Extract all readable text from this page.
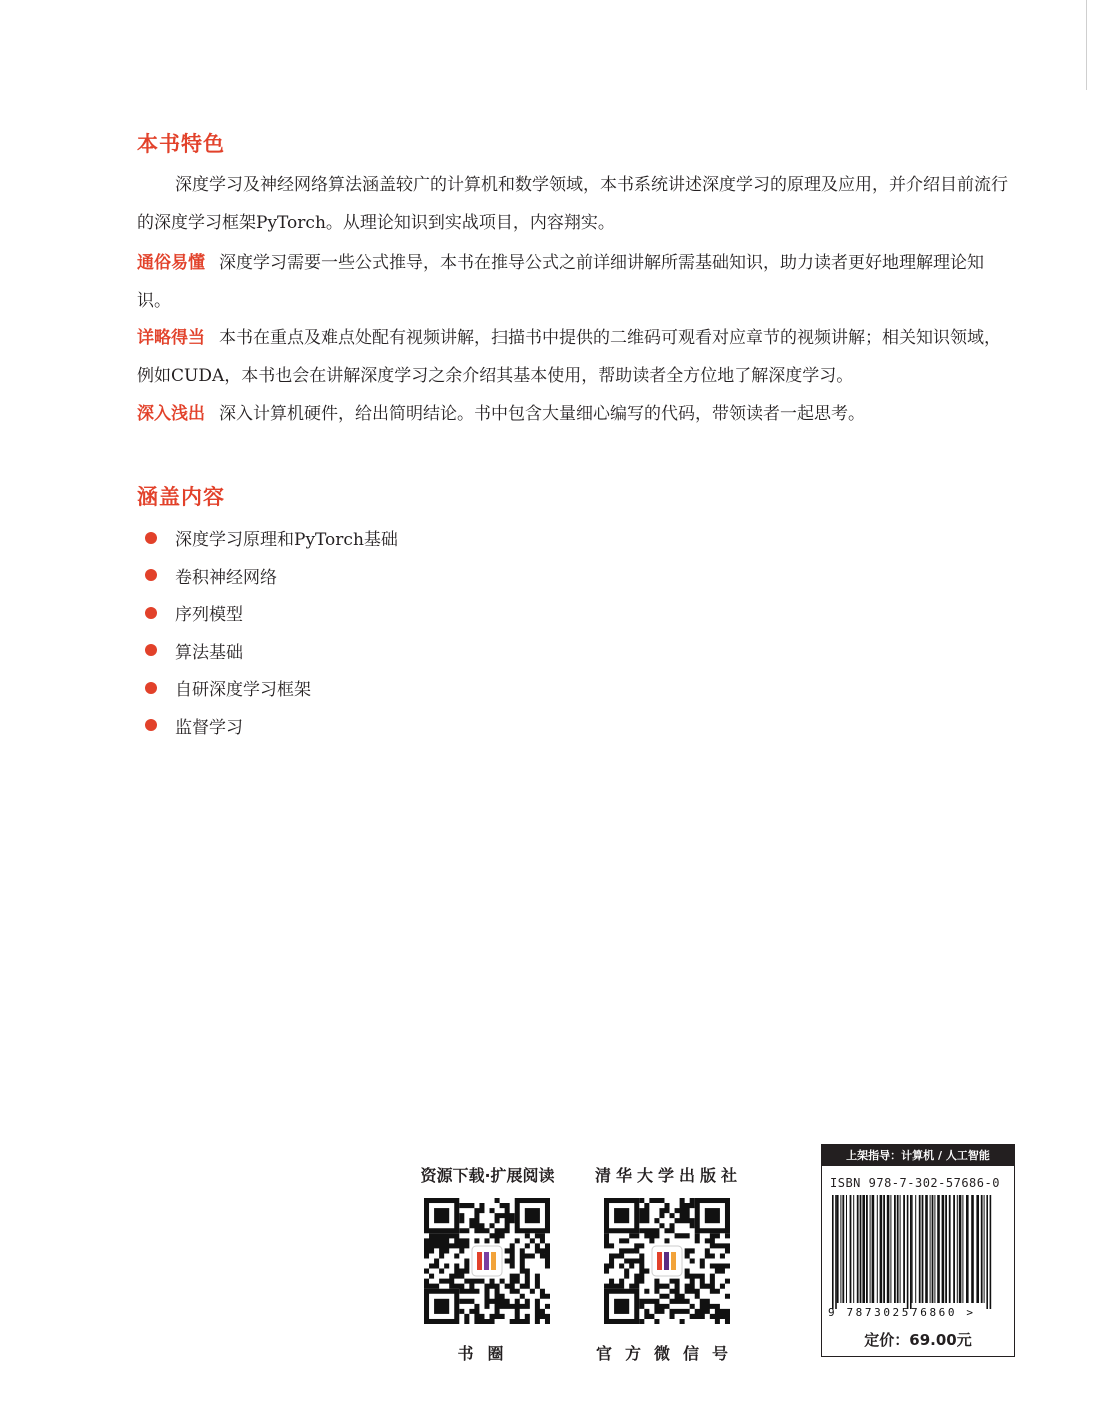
本书特色

深度学习及神经网络算法涵盖较广的计算机和数学领域，本书系统讲述深度学习的原理及应用，并介绍目前流行的深度学习框架PyTorch。从理论知识到实战项目，内容翔实。

通俗易懂 深度学习需要一些公式推导，本书在推导公式之前详细讲解所需基础知识，助力读者更好地理解理论知识。

详略得当 本书在重点及难点处配有视频讲解，扫描书中提供的二维码可观看对应章节的视频讲解；相关知识领域，例如CUDA，本书也会在讲解深度学习之余介绍其基本使用，帮助读者全方位地了解深度学习。

深入浅出 深入计算机硬件，给出简明结论。书中包含大量细心编写的代码，带领读者一起思考。

涵盖内容
深度学习原理和PyTorch基础
卷积神经网络
序列模型
算法基础
自研深度学习框架
监督学习
资源下载·扩展阅读
书圈
清华大学出版社
官方微信号
上架指导：计算机 / 人工智能
ISBN 978-7-302-57686-0
9 787302576860 >
定价：69.00元
